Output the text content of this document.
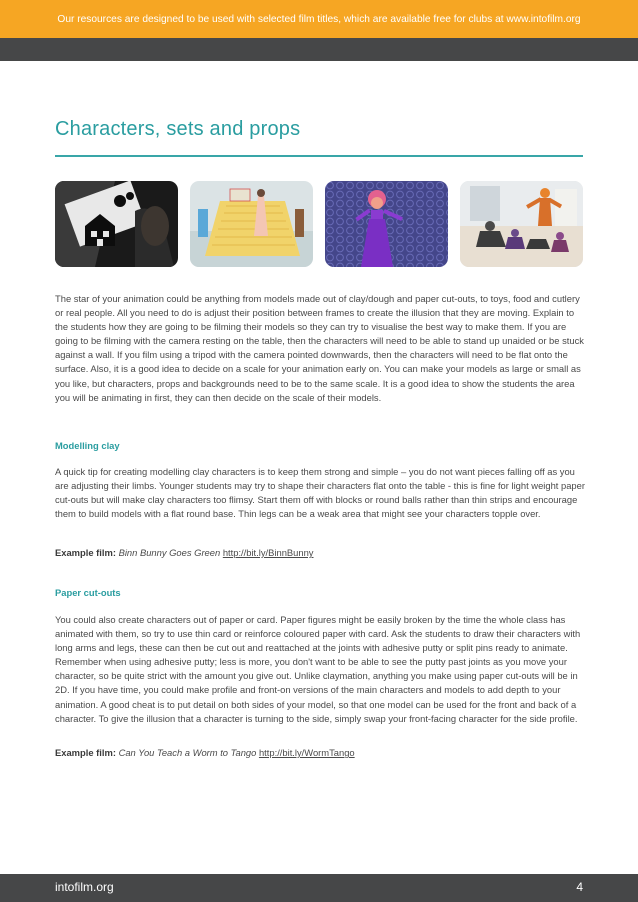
Our resources are designed to be used with selected film titles, which are available free for clubs at www.intofilm.org
Characters, sets and props

The star of your animation could be anything from models made out of clay/dough and paper cut-outs, to toys, food and cutlery or real people. All you need to do is adjust their position between frames to create the illusion that they are moving. Explain to the students how they are going to be filming their models so they can try to visualise the best way to make them. If you are going to be filming with the camera resting on the table, then the characters will need to be able to stand up unaided or be stuck against a wall. If you film using a tripod with the camera pointed downwards, then the characters will need to be flat onto the surface. Also, it is a good idea to decide on a scale for your animation early on. You can make your models as large or small as you like, but characters, props and backgrounds need to be to the same scale. It is a good idea to show the students the area you will be animating in first, they can then decide on the scale of their models.

Modelling clay

A quick tip for creating modelling clay characters is to keep them strong and simple – you do not want pieces falling off as you are adjusting their limbs. Younger students may try to shape their characters flat onto the table - this is fine for light weight paper cut-outs but will make clay characters too flimsy. Start them off with blocks or round balls rather than thin strips and encourage them to build models with a flat round base. Thin legs can be a weak area that might see your characters topple over.

Example film: Binn Bunny Goes Green http://bit.ly/BinnBunny
Paper cut-outs

You could also create characters out of paper or card. Paper figures might be easily broken by the time the whole class has animated with them, so try to use thin card or reinforce coloured paper with card. Ask the students to draw their characters with long arms and legs, these can then be cut out and reattached at the joints with adhesive putty or split pins ready to animate. Remember when using adhesive putty; less is more, you don't want to be able to see the putty past joints as you move your character, so be quite strict with the amount you give out. Unlike claymation, anything you make using paper cut-outs will be in 2D. If you have time, you could make profile and front-on versions of the main characters and models to add depth to your animation. A good cheat is to put detail on both sides of your model, so that one model can be used for the front and back of a character. To give the illusion that a character is turning to the side, simply swap your front-facing character for the side profile.

Example film: Can You Teach a Worm to Tango http://bit.ly/WormTango
intofilm.org	4
